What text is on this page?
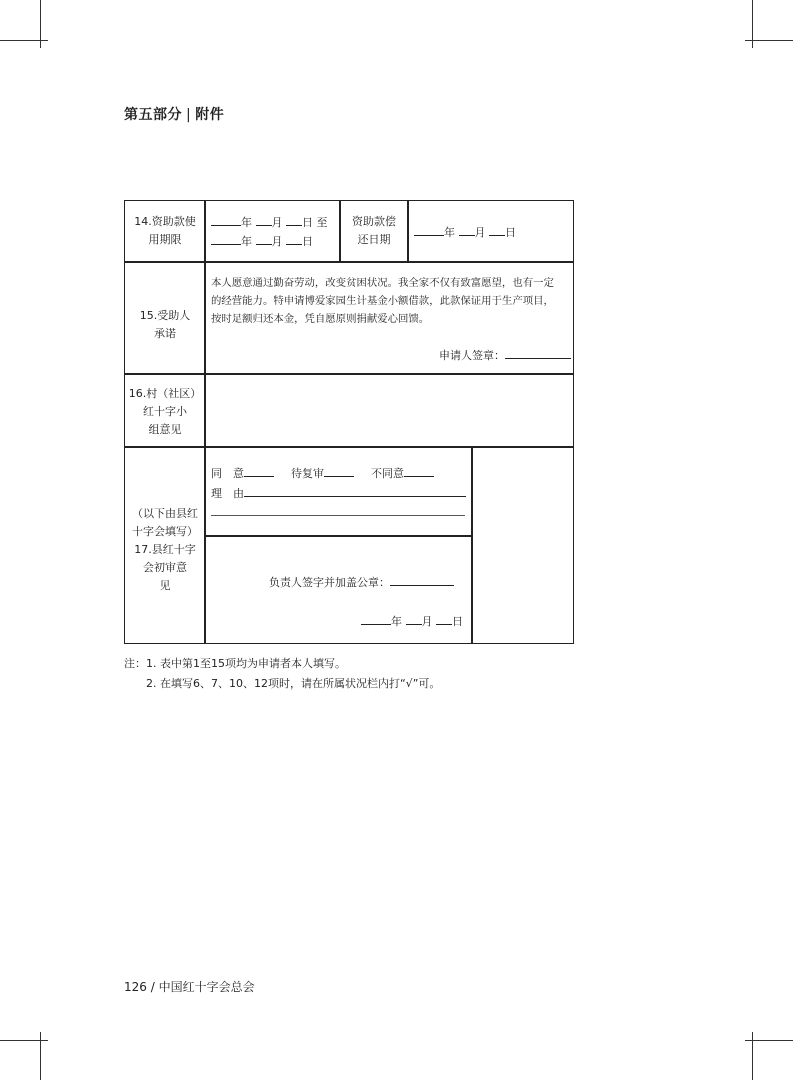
第五部分 | 附件
14.资助款使
用期限
年 月 日 至
年 月 日
资助款偿
还日期
年 月 日
15.受助人
承诺
本人愿意通过勤奋劳动，改变贫困状况。我全家不仅有致富愿望，也有一定
的经营能力。特申请博爱家园生计基金小额借款，此款保证用于生产项目，
按时足额归还本金，凭自愿原则捐献爱心回馈。
申请人签章：
16.村（社区）
红十字小
组意见
（以下由县红
十字会填写）
17.县红十字
会初审意
见
同　意	待复审	不同意
理　由
负责人签字并加盖公章：
年 月 日
注：1. 表中第1至15项均为申请者本人填写。
2. 在填写6、7、10、12项时，请在所属状况栏内打“√”可。
126 / 中国红十字会总会
